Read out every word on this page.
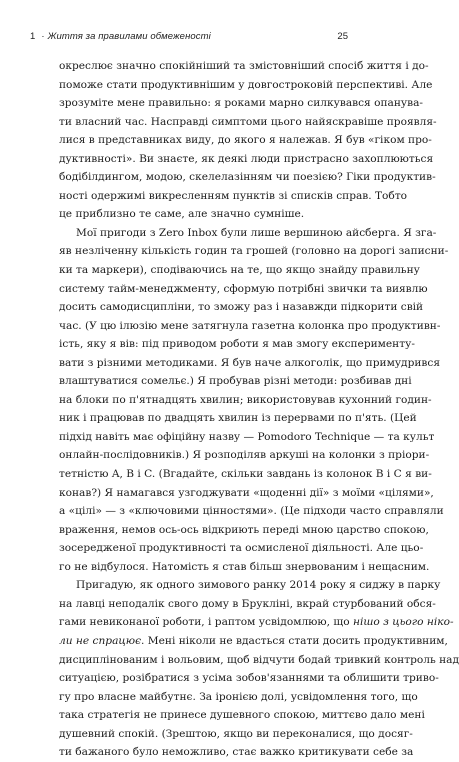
1 · Життя за правилами обмеженості	25
окреслює значно спокійніший та змістовніший спосіб життя і до-
поможе стати продуктивнішим у довгостроковій перспективі. Але
зрозуміте мене правильно: я роками марно силкувався опанува-
ти власний час. Насправді симптоми цього найяскравіше проявля-
лися в представниках виду, до якого я належав. Я був «гіком про-
дуктивності». Ви знаєте, як деякі люди пристрасно захоплюються
бодібілдингом, модою, скелелазінням чи поезією? Гіки продуктив-
ності одержимі викресленням пунктів зі списків справ. Тобто
це приблизно те саме, але значно сумніше.
Мої пригоди з Zero Inbox були лише вершиною айсберга. Я зга-
яв незліченну кількість годин та грошей (головно на дорогі записни-
ки та маркери), сподіваючись на те, що якщо знайду правильну
систему тайм-менеджменту, сформую потрібні звички та виявлю
досить самодисципліни, то зможу раз і назавжди підкорити свій
час. (У цю ілюзію мене затягнула газетна колонка про продуктивн-
ість, яку я вів: під приводом роботи я мав змогу експерименту-
вати з різними методиками. Я був наче алкоголік, що примудрився
влаштуватися сомельє.) Я пробував різні методи: розбивав дні
на блоки по п'ятнадцять хвилин; використовував кухонний годин-
ник і працював по двадцять хвилин із перервами по п'ять. (Цей
підхід навіть має офіційну назву — Pomodoro Technique — та культ
онлайн-послідовників.) Я розподіляв аркуші на колонки з пріори-
тетністю A, B і C. (Вгадайте, скільки завдань із колонок B і C я ви-
конав?) Я намагався узгоджувати «щоденні дії» з моїми «цілями»,
а «цілі» — з «ключовими цінностями». (Це підходи часто справляли
враження, немов ось-ось відкриють переді мною царство спокою,
зосередженої продуктивності та осмисленої діяльності. Але цьо-
го не відбулося. Натомість я став більш знервованим і нещасним.
Пригадую, як одного зимового ранку 2014 року я сиджу в парку
на лавці неподалік свого дому в Брукліні, вкрай стурбований обся-
гами невиконаної роботи, і раптом усвідомлюю, що нішо з цього ніко-
ли не спрацює. Мені ніколи не вдасться стати досить продуктивним,
дисциплінованим і вольовим, щоб відчути бодай тривкий контроль над
ситуацією, розібратися з усіма зобов'язаннями та облишити триво-
гу про власне майбутнє. За іронією долі, усвідомлення того, що
така стратегія не принесе душевного спокою, миттєво дало мені
душевний спокій. (Зрештою, якщо ви переконалися, що досяг-
ти бажаного було неможливо, стає важко критикувати себе за
